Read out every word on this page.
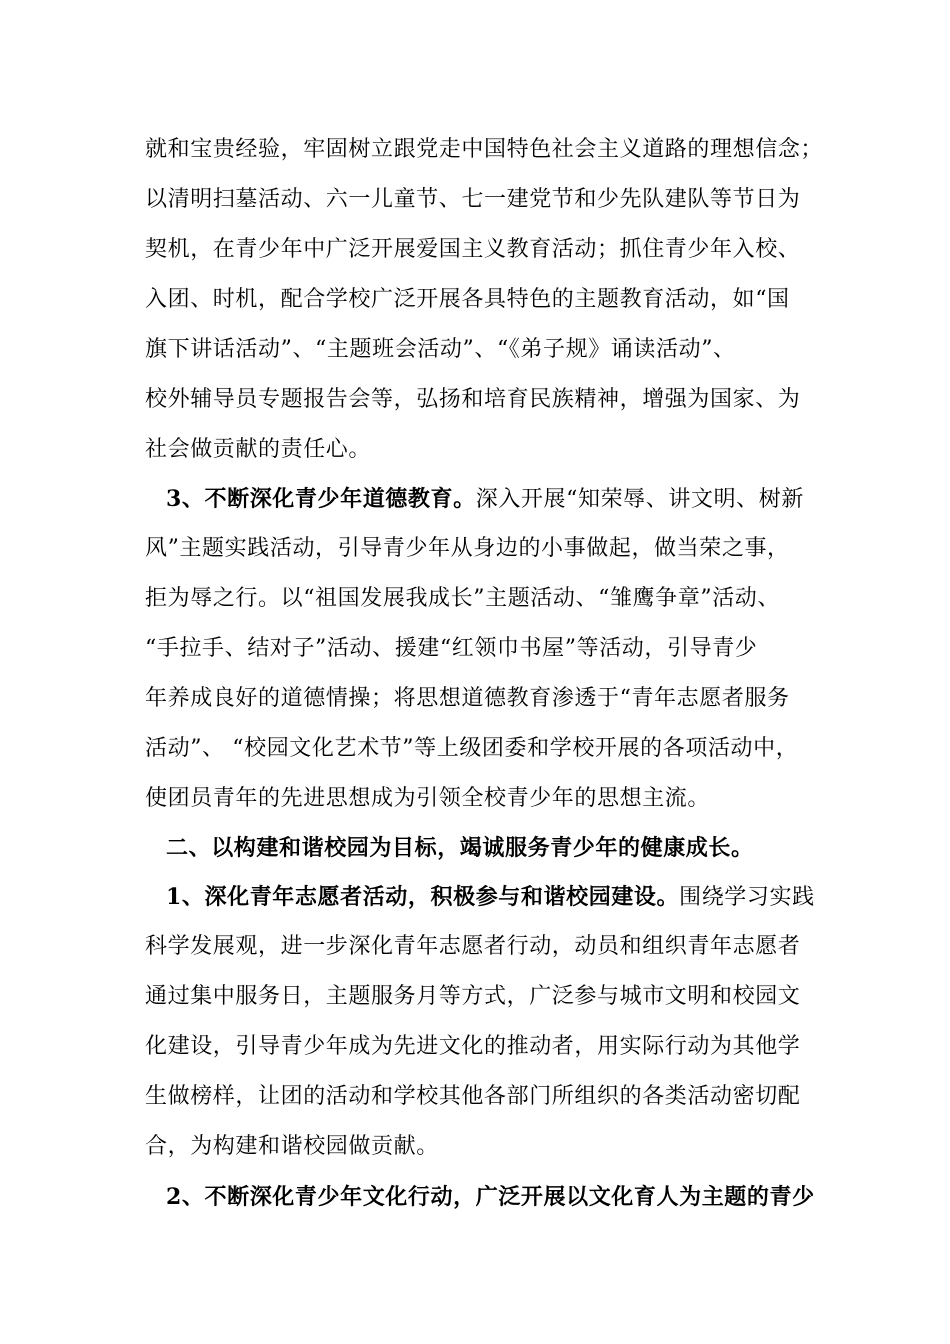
就和宝贵经验，牢固树立跟党走中国特色社会主义道路的理想信念；
以清明扫墓活动、六一儿童节、七一建党节和少先队建队等节日为
契机，在青少年中广泛开展爱国主义教育活动；抓住青少年入校、
入团、时机，配合学校广泛开展各具特色的主题教育活动，如“国
旗下讲话活动”、“主题班会活动”、“《弟子规》诵读活动”、
校外辅导员专题报告会等，弘扬和培育民族精神，增强为国家、为
社会做贡献的责任心。
3、不断深化青少年道德教育。深入开展“知荣辱、讲文明、树新
风”主题实践活动，引导青少年从身边的小事做起，做当荣之事，
拒为辱之行。以“祖国发展我成长”主题活动、“雏鹰争章”活动、
“手拉手、结对子”活动、援建“红领巾书屋”等活动，引导青少
年养成良好的道德情操；将思想道德教育渗透于“青年志愿者服务
活动”、 “校园文化艺术节”等上级团委和学校开展的各项活动中，
使团员青年的先进思想成为引领全校青少年的思想主流。
二、以构建和谐校园为目标，竭诚服务青少年的健康成长。
1、深化青年志愿者活动，积极参与和谐校园建设。围绕学习实践
科学发展观，进一步深化青年志愿者行动，动员和组织青年志愿者
通过集中服务日，主题服务月等方式，广泛参与城市文明和校园文
化建设，引导青少年成为先进文化的推动者，用实际行动为其他学
生做榜样，让团的活动和学校其他各部门所组织的各类活动密切配
合，为构建和谐校园做贡献。
2、不断深化青少年文化行动，广泛开展以文化育人为主题的青少
